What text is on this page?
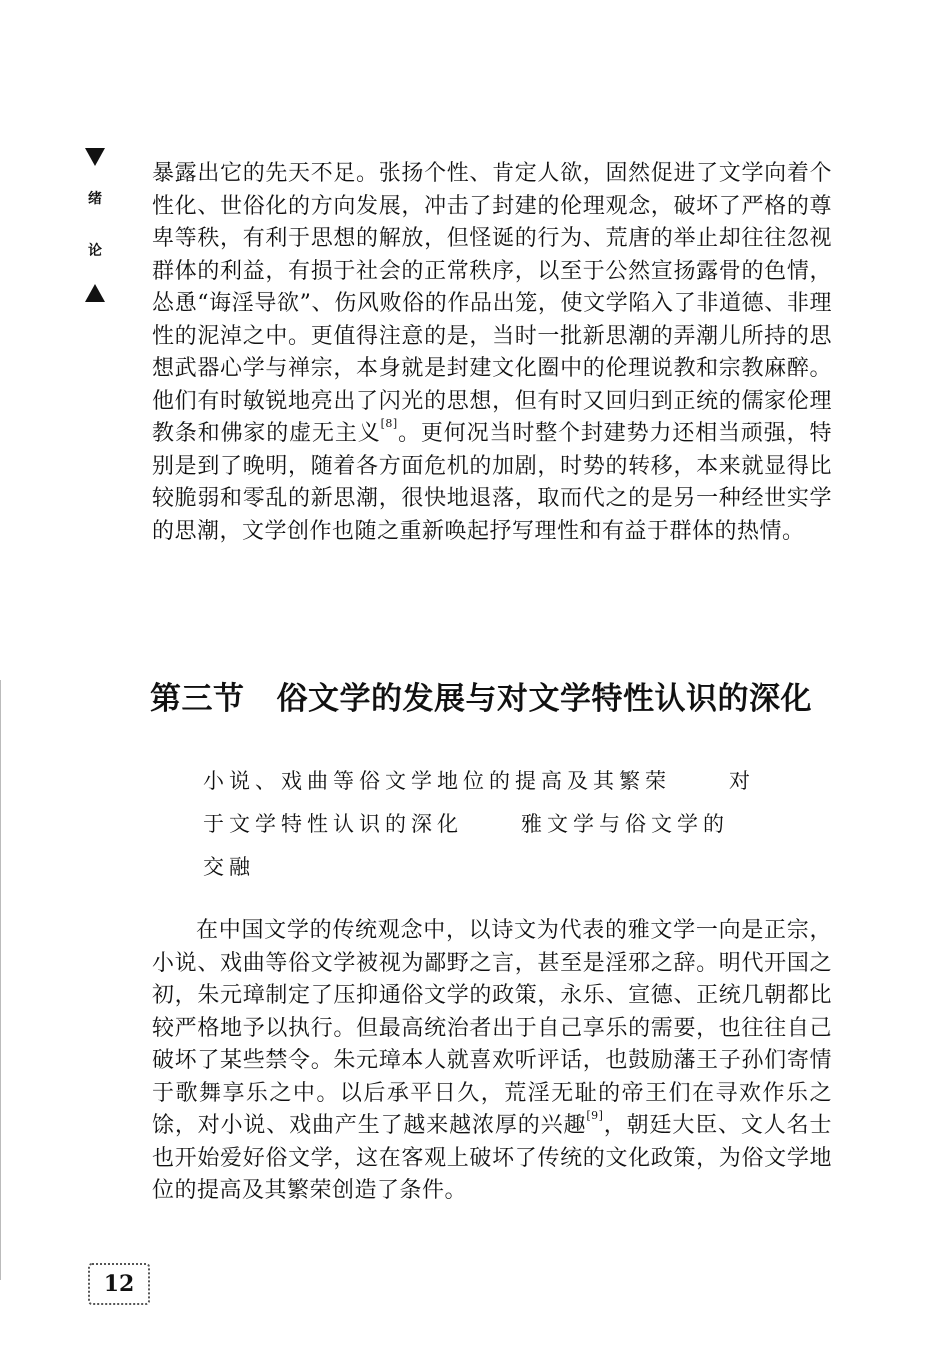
绪
论

暴露出它的先天不足。张扬个性、肯定人欲，固然促进了文学向着个性化、世俗化的方向发展，冲击了封建的伦理观念，破坏了严格的尊卑等秩，有利于思想的解放，但怪诞的行为、荒唐的举止却往往忽视群体的利益，有损于社会的正常秩序，以至于公然宣扬露骨的色情，怂恿“诲淫导欲”、伤风败俗的作品出笼，使文学陷入了非道德、非理性的泥淖之中。更值得注意的是，当时一批新思潮的弄潮儿所持的思想武器心学与禅宗，本身就是封建文化圈中的伦理说教和宗教麻醉。他们有时敏锐地亮出了闪光的思想，但有时又回归到正统的儒家伦理教条和佛家的虚无主义[8]。更何况当时整个封建势力还相当顽强，特别是到了晚明，随着各方面危机的加剧，时势的转移，本来就显得比较脆弱和零乱的新思潮，很快地退落，取而代之的是另一种经世实学的思潮，文学创作也随之重新唤起抒写理性和有益于群体的热情。

第三节 俗文学的发展与对文学特性认识的深化
小说、戏曲等俗文学地位的提高及其繁荣	对
于文学特性认识的深化	雅文学与俗文学的
交融

在中国文学的传统观念中，以诗文为代表的雅文学一向是正宗，小说、戏曲等俗文学被视为鄙野之言，甚至是淫邪之辞。明代开国之初，朱元璋制定了压抑通俗文学的政策，永乐、宣德、正统几朝都比较严格地予以执行。但最高统治者出于自己享乐的需要，也往往自己破坏了某些禁令。朱元璋本人就喜欢听评话，也鼓励藩王子孙们寄情于歌舞享乐之中。以后承平日久，荒淫无耻的帝王们在寻欢作乐之馀，对小说、戏曲产生了越来越浓厚的兴趣[9]，朝廷大臣、文人名士也开始爱好俗文学，这在客观上破坏了传统的文化政策，为俗文学地位的提高及其繁荣创造了条件。

12
